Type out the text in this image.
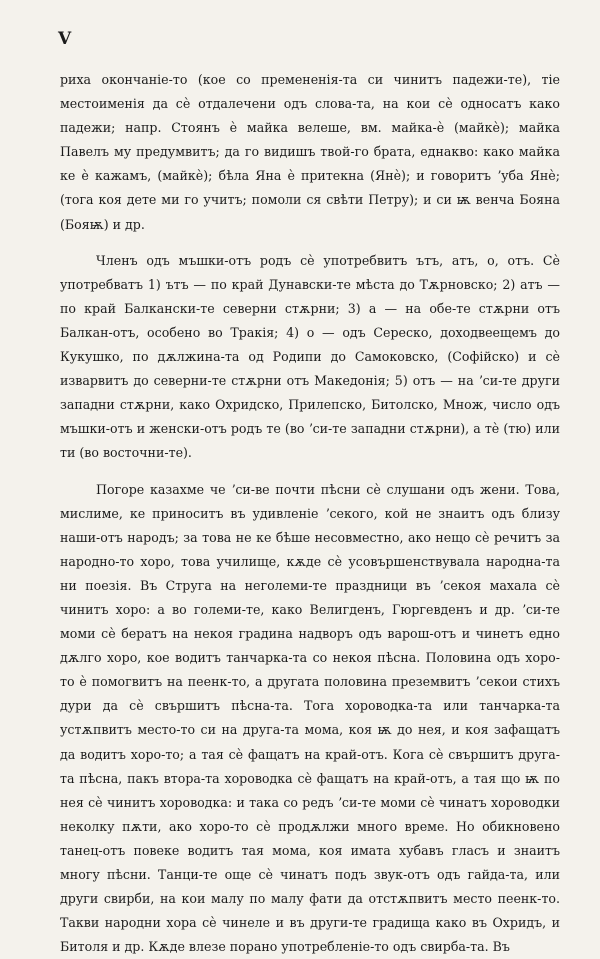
V

риха окончаніе-то (кое со премененія-та си чинитъ падежи-те), тіе местоименія да сѐ отдалечени одъ слова-та, на кои сѐ односатъ како падежи; напр. Стоянъ ѐ майка велеше, вм. майка-ѐ (майкѐ); майка Павелъ му предумвитъ; да го видишъ твой-го брата, еднакво: како майка ке ѐ кажамъ, (майкѐ); бѣла Яна ѐ притекна (Янѐ); и говоритъ ʼуба Янѐ; (тога коя дете ми го учитъ; помоли ся свѣти Петру); и си ѭ венча Бояна (Бояѭ) и др.

Членъ одъ мъшки-отъ родъ сѐ употребвитъ ътъ, атъ, о, отъ. Сѐ употребватъ 1) ътъ — по край Дунавски-те мѣста до Тѫрновско; 2) атъ — по край Балкански-те северни стѫрни; 3) а — на обе-те стѫрни отъ Балкан-отъ, особено во Тракія; 4) о — одъ Сереско, доходвеещемъ до Кукушко, по дѫлжина-та од Родипи до Самоковско, (Софійско) и сѐ изварвитъ до северни-те стѫрни отъ Македонія; 5) отъ — на ʼси-те други западни стѫрни, како Охридско, Прилепско, Битолско, Множ, число одъ мъшки-отъ и женски-отъ родъ те (во ʼси-те западни стѫрни), а тѐ (тю) или ти (во восточни-те).

Погоре казахме че ʼси-ве почти пѣсни сѐ слушани одъ жени. Това, мислиме, ке приноситъ въ удивленіе ʼсекого, кой не знаитъ одъ близу наши-отъ народъ; за това не ке бѣше несовместно, ако нещо сѐ речитъ за народно-то хоро, това училище, кѫде сѐ усовършенствувала народна-та ни поезія. Въ Струга на неголеми-те праздници въ ʼсекоя махала сѐ чинитъ хоро: а во големи-те, како Велигденъ, Гюргевденъ и др. ʼси-те моми сѐ бератъ на некоя градина надворъ одъ варош-отъ и чинетъ едно дѫлго хоро, кое водитъ танчарка-та со некоя пѣсна. Половина одъ хоро-то ѐ помогвитъ на пеенк-то, а другата половина преземвитъ ʼсекои стихъ дури да сѐ свършитъ пѣсна-та. Тога хороводка-та или танчарка-та устѫпвитъ место-то си на друга-та мома, коя ѭ до нея, и коя зафащатъ да водитъ хоро-то; а тая сѐ фащатъ на край-отъ. Кога сѐ свършитъ друга-та пѣсна, пакъ втора-та хороводка сѐ фащатъ на край-отъ, а тая що ѭ по нея сѐ чинитъ хороводка: и така со редъ ʼси-те моми сѐ чинатъ хороводки неколку пѫти, ако хоро-то сѐ продѫлжи много време. Но обикновено танец-отъ повеке водитъ тая мома, коя имата хубавъ гласъ и знаитъ многу пѣсни. Танци-те още сѐ чинатъ подъ звук-отъ одъ гайда-та, или други свирби, на кои малу по малу фати да отстѫпвитъ место пеенк-то. Такви народни хора сѐ чинеле и въ други-те градища како въ Охридъ, и Битоля и др. Кѫде влезе порано употребленіе-то одъ свирба-та. Въ
